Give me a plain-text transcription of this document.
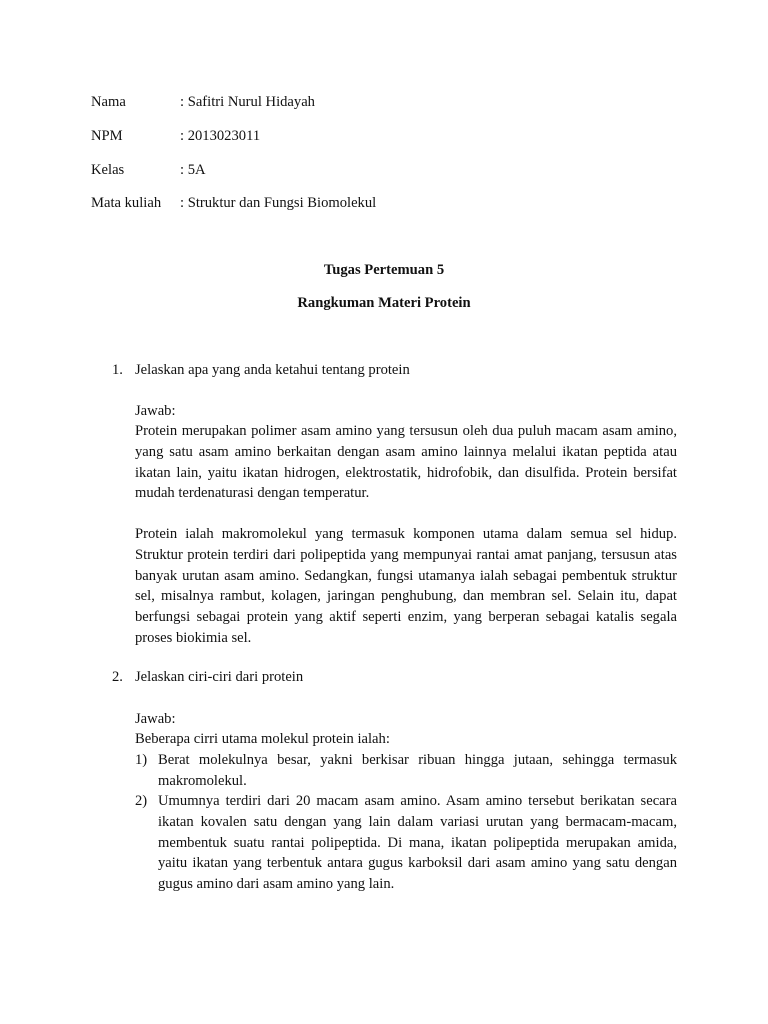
Nama	: Safitri Nurul Hidayah
NPM	: 2013023011
Kelas	: 5A
Mata kuliah : Struktur dan Fungsi Biomolekul
Tugas Pertemuan 5
Rangkuman Materi Protein
1. Jelaskan apa yang anda ketahui tentang protein
Jawab:

Protein merupakan polimer asam amino yang tersusun oleh dua puluh macam asam amino, yang satu asam amino berkaitan dengan asam amino lainnya melalui ikatan peptida atau ikatan lain, yaitu ikatan hidrogen, elektrostatik, hidrofobik, dan disulfida. Protein bersifat mudah terdenaturasi dengan temperatur.

Protein ialah makromolekul yang termasuk komponen utama dalam semua sel hidup. Struktur protein terdiri dari polipeptida yang mempunyai rantai amat panjang, tersusun atas banyak urutan asam amino. Sedangkan, fungsi utamanya ialah sebagai pembentuk struktur sel, misalnya rambut, kolagen, jaringan penghubung, dan membran sel. Selain itu, dapat berfungsi sebagai protein yang aktif seperti enzim, yang berperan sebagai katalis segala proses biokimia sel.

2. Jelaskan ciri-ciri dari protein
Jawab:
Beberapa cirri utama molekul protein ialah:
1) Berat molekulnya besar, yakni berkisar ribuan hingga jutaan, sehingga termasuk makromolekul.
2) Umumnya terdiri dari 20 macam asam amino. Asam amino tersebut berikatan secara ikatan kovalen satu dengan yang lain dalam variasi urutan yang bermacam-macam, membentuk suatu rantai polipeptida. Di mana, ikatan polipeptida merupakan amida, yaitu ikatan yang terbentuk antara gugus karboksil dari asam amino yang satu dengan gugus amino dari asam amino yang lain.
